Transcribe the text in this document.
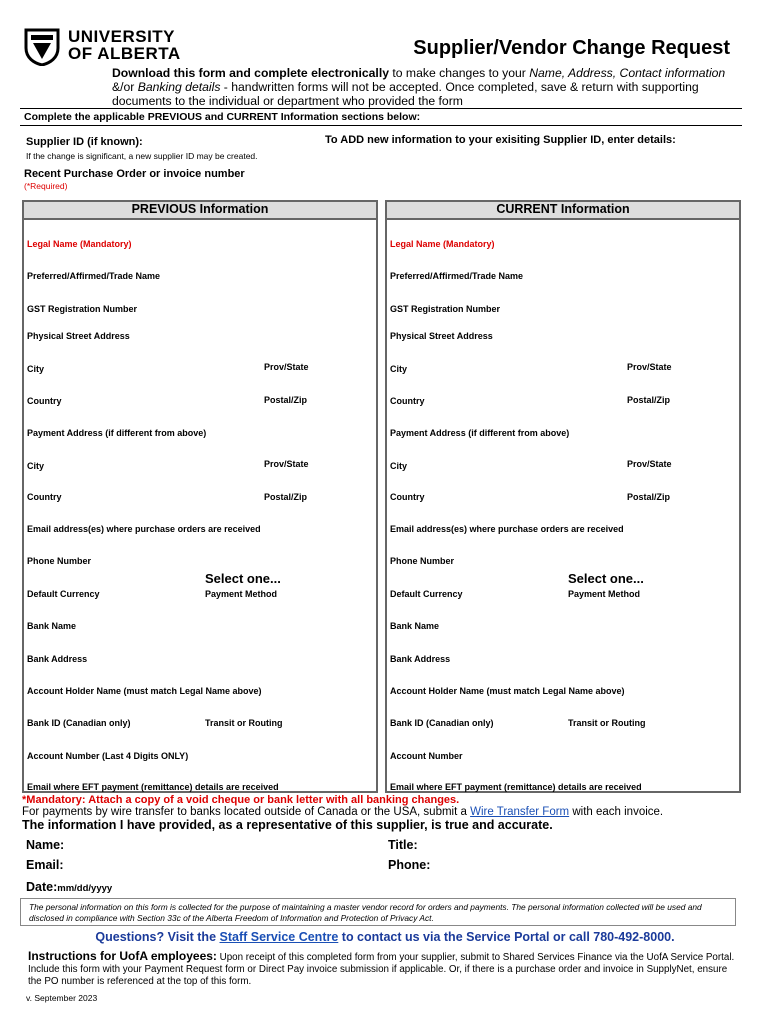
UNIVERSITY
OF ALBERTA	Supplier/Vendor Change Request
Download this form and complete electronically to make changes to your Name, Address, Contact information &/or Banking details - handwritten forms will not be accepted. Once completed, save & return with supporting documents to the individual or department who provided the form
Complete the applicable PREVIOUS and CURRENT Information sections below:
Supplier ID (if known):
If the change is significant, a new supplier ID may be created.
To ADD new information to your exisiting Supplier ID, enter details:
Recent Purchase Order or invoice number
(*Required)
PREVIOUS Information
Legal Name (Mandatory)
Preferred/Affirmed/Trade Name
GST Registration Number
Physical Street Address
City	Prov/State
Country	Postal/Zip
Payment Address (if different from above)
City	Prov/State
Country	Postal/Zip
Email address(es) where purchase orders are received
Phone Number
Select one...
Default Currency	Payment Method
Bank Name
Bank Address
Account Holder Name (must match Legal Name above)
Bank ID (Canadian only)	Transit or Routing
Account Number (Last 4 Digits ONLY)
Email where EFT payment (remittance) details are received
CURRENT Information
Legal Name (Mandatory)
Preferred/Affirmed/Trade Name
GST Registration Number
Physical Street Address
City	Prov/State
Country	Postal/Zip
Payment Address (if different from above)
City	Prov/State
Country	Postal/Zip
Email address(es) where purchase orders are received
Phone Number
Select one...
Default Currency	Payment Method
Bank Name
Bank Address
Account Holder Name (must match Legal Name above)
Bank ID (Canadian only)	Transit or Routing
Account Number
Email where EFT payment (remittance) details are received
*Mandatory: Attach a copy of a void cheque or bank letter with all banking changes.
For payments by wire transfer to banks located outside of Canada or the USA, submit a Wire Transfer Form with each invoice.
The information I have provided, as a representative of this supplier, is true and accurate.
Name:	Title:
Email:	Phone:
Date:mm/dd/yyyy
The personal information on this form is collected for the purpose of maintaining a master vendor record for orders and payments. The personal information collected will be used and disclosed in compliance with Section 33c of the Alberta Freedom of Information and Protection of Privacy Act.
Questions? Visit the Staff Service Centre to contact us via the Service Portal or call 780-492-8000.
Instructions for UofA employees: Upon receipt of this completed form from your supplier, submit to Shared Services Finance via the UofA Service Portal. Include this form with your Payment Request form or Direct Pay invoice submission if applicable. Or, if there is a purchase order and invoice in SupplyNet, ensure the PO number is referenced at the top of this form.
v. September 2023
